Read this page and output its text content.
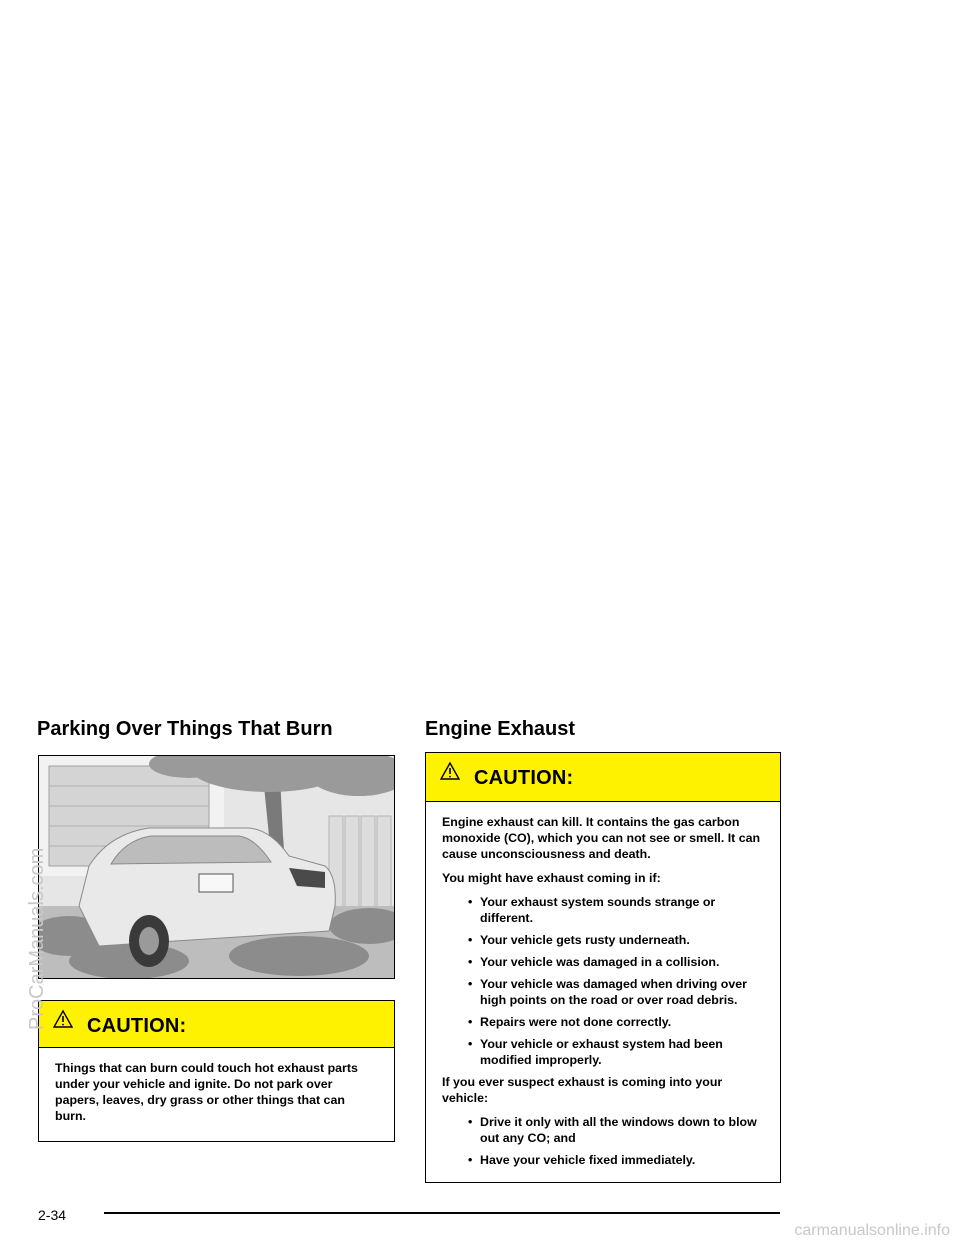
Parking Over Things That Burn	Engine Exhaust
CAUTION:

Things that can burn could touch hot exhaust parts under your vehicle and ignite. Do not park over papers, leaves, dry grass or other things that can burn.

CAUTION:

Engine exhaust can kill. It contains the gas carbon monoxide (CO), which you can not see or smell. It can cause unconsciousness and death.

You might have exhaust coming in if:

• Your exhaust system sounds strange or different.
• Your vehicle gets rusty underneath.
• Your vehicle was damaged in a collision.
• Your vehicle was damaged when driving over high points on the road or over road debris.
• Repairs were not done correctly.
• Your vehicle or exhaust system had been modified improperly.

If you ever suspect exhaust is coming into your vehicle:

• Drive it only with all the windows down to blow out any CO; and
• Have your vehicle fixed immediately.
2-34
ProCarManuals.com
carmanualsonline.info
